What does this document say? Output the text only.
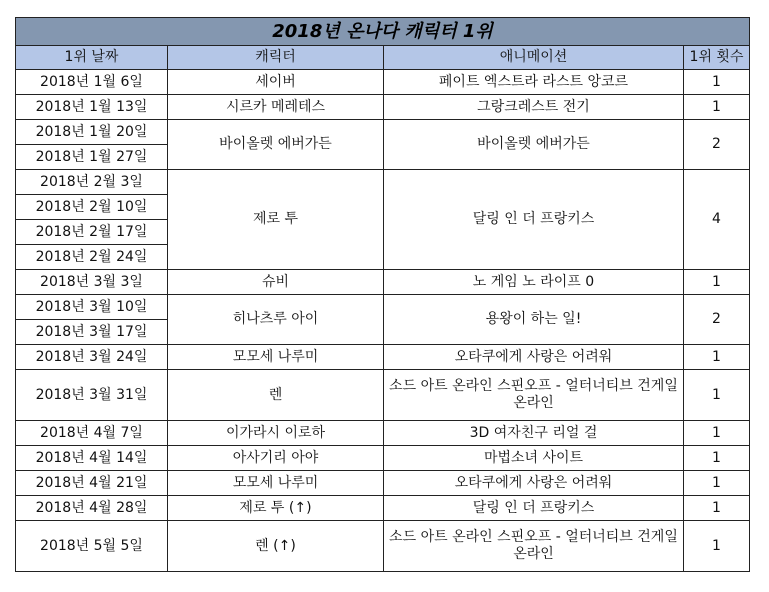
2018년 온나다 캐릭터 1위			
1위 날짜	캐릭터	애니메이션	1위 횟수
2018년 1월 6일	세이버	페이트 엑스트라 라스트 앙코르	1
2018년 1월 13일	시르카 메레테스	그랑크레스트 전기	1
2018년 1월 20일	바이올렛 에버가든	바이올렛 에버가든	2
2018년 1월 27일			
2018년 2월 3일	제로 투	달링 인 더 프랑키스	4
2018년 2월 10일			
2018년 2월 17일			
2018년 2월 24일			
2018년 3월 3일	슈비	노 게임 노 라이프 0	1
2018년 3월 10일	히나츠루 아이	용왕이 하는 일!	2
2018년 3월 17일			
2018년 3월 24일	모모세 나루미	오타쿠에게 사랑은 어려워	1
2018년 3월 31일	렌	소드 아트 온라인 스핀오프 - 얼터너티브 건게일 온라인	1
2018년 4월 7일	이가라시 이로하	3D 여자친구 리얼 걸	1
2018년 4월 14일	아사기리 아야	마법소녀 사이트	1
2018년 4월 21일	모모세 나루미	오타쿠에게 사랑은 어려워	1
2018년 4월 28일	제로 투 (↑)	달링 인 더 프랑키스	1
2018년 5월 5일	렌 (↑)	소드 아트 온라인 스핀오프 - 얼터너티브 건게일 온라인	1
